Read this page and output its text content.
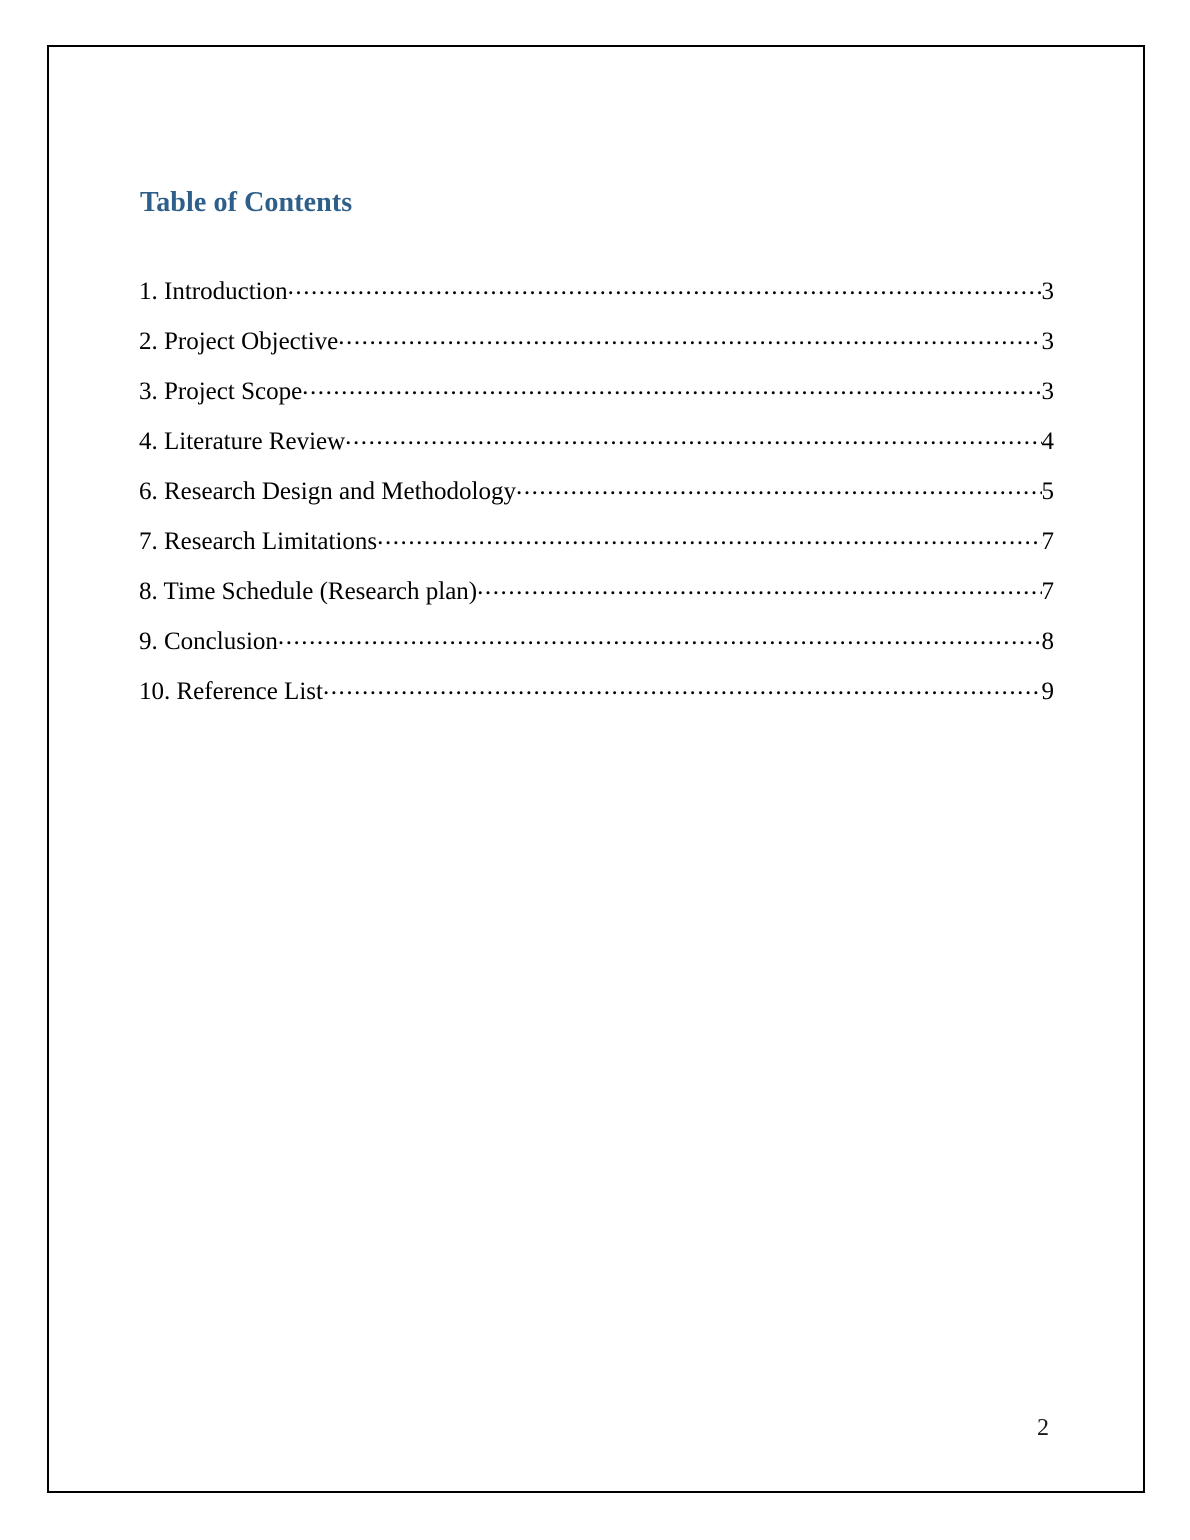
Table of Contents
1. Introduction .....	3
2. Project Objective .....	3
3. Project Scope .....	3
4. Literature Review .....	4
6. Research Design and Methodology .....	5
7. Research Limitations .....	7
8. Time Schedule (Research plan) .....	7
9. Conclusion .....	8
10. Reference List .....	9
2
